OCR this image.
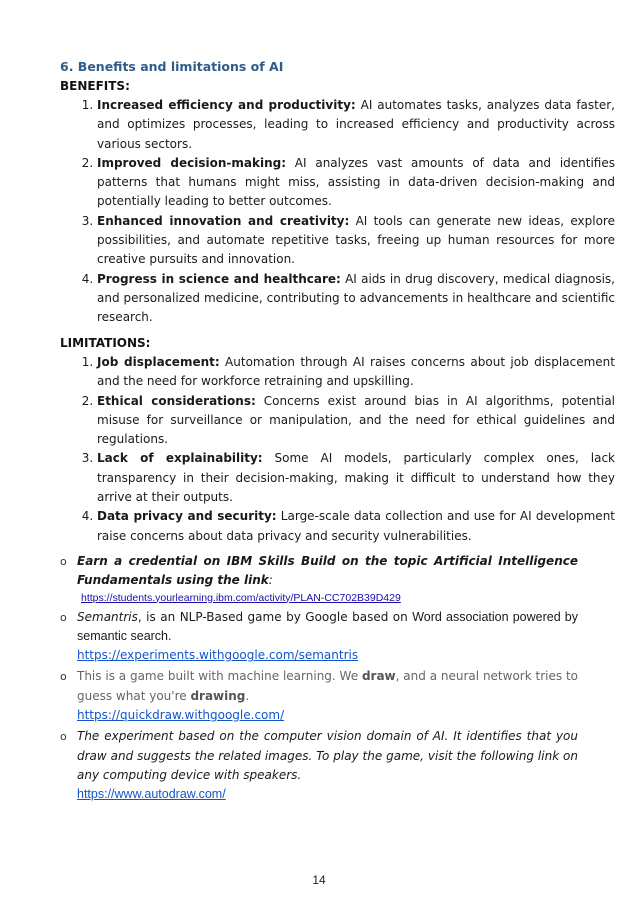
6. Benefits and limitations of AI
BENEFITS:
1. Increased efficiency and productivity: AI automates tasks, analyzes data faster, and optimizes processes, leading to increased efficiency and productivity across various sectors.
2. Improved decision-making: AI analyzes vast amounts of data and identifies patterns that humans might miss, assisting in data-driven decision-making and potentially leading to better outcomes.
3. Enhanced innovation and creativity: AI tools can generate new ideas, explore possibilities, and automate repetitive tasks, freeing up human resources for more creative pursuits and innovation.
4. Progress in science and healthcare: AI aids in drug discovery, medical diagnosis, and personalized medicine, contributing to advancements in healthcare and scientific research.
LIMITATIONS:
1. Job displacement: Automation through AI raises concerns about job displacement and the need for workforce retraining and upskilling.
2. Ethical considerations: Concerns exist around bias in AI algorithms, potential misuse for surveillance or manipulation, and the need for ethical guidelines and regulations.
3. Lack of explainability: Some AI models, particularly complex ones, lack transparency in their decision-making, making it difficult to understand how they arrive at their outputs.
4. Data privacy and security: Large-scale data collection and use for AI development raise concerns about data privacy and security vulnerabilities.
o Earn a credential on IBM Skills Build on the topic Artificial Intelligence Fundamentals using the link:
https://students.yourlearning.ibm.com/activity/PLAN-CC702B39D429
o Semantris, is an NLP-Based game by Google based on Word association powered by semantic search.
https://experiments.withgoogle.com/semantris
o This is a game built with machine learning. We draw, and a neural network tries to guess what you're drawing.
https://quickdraw.withgoogle.com/
o The experiment based on the computer vision domain of AI. It identifies that you draw and suggests the related images. To play the game, visit the following link on any computing device with speakers.
https://www.autodraw.com/
14
